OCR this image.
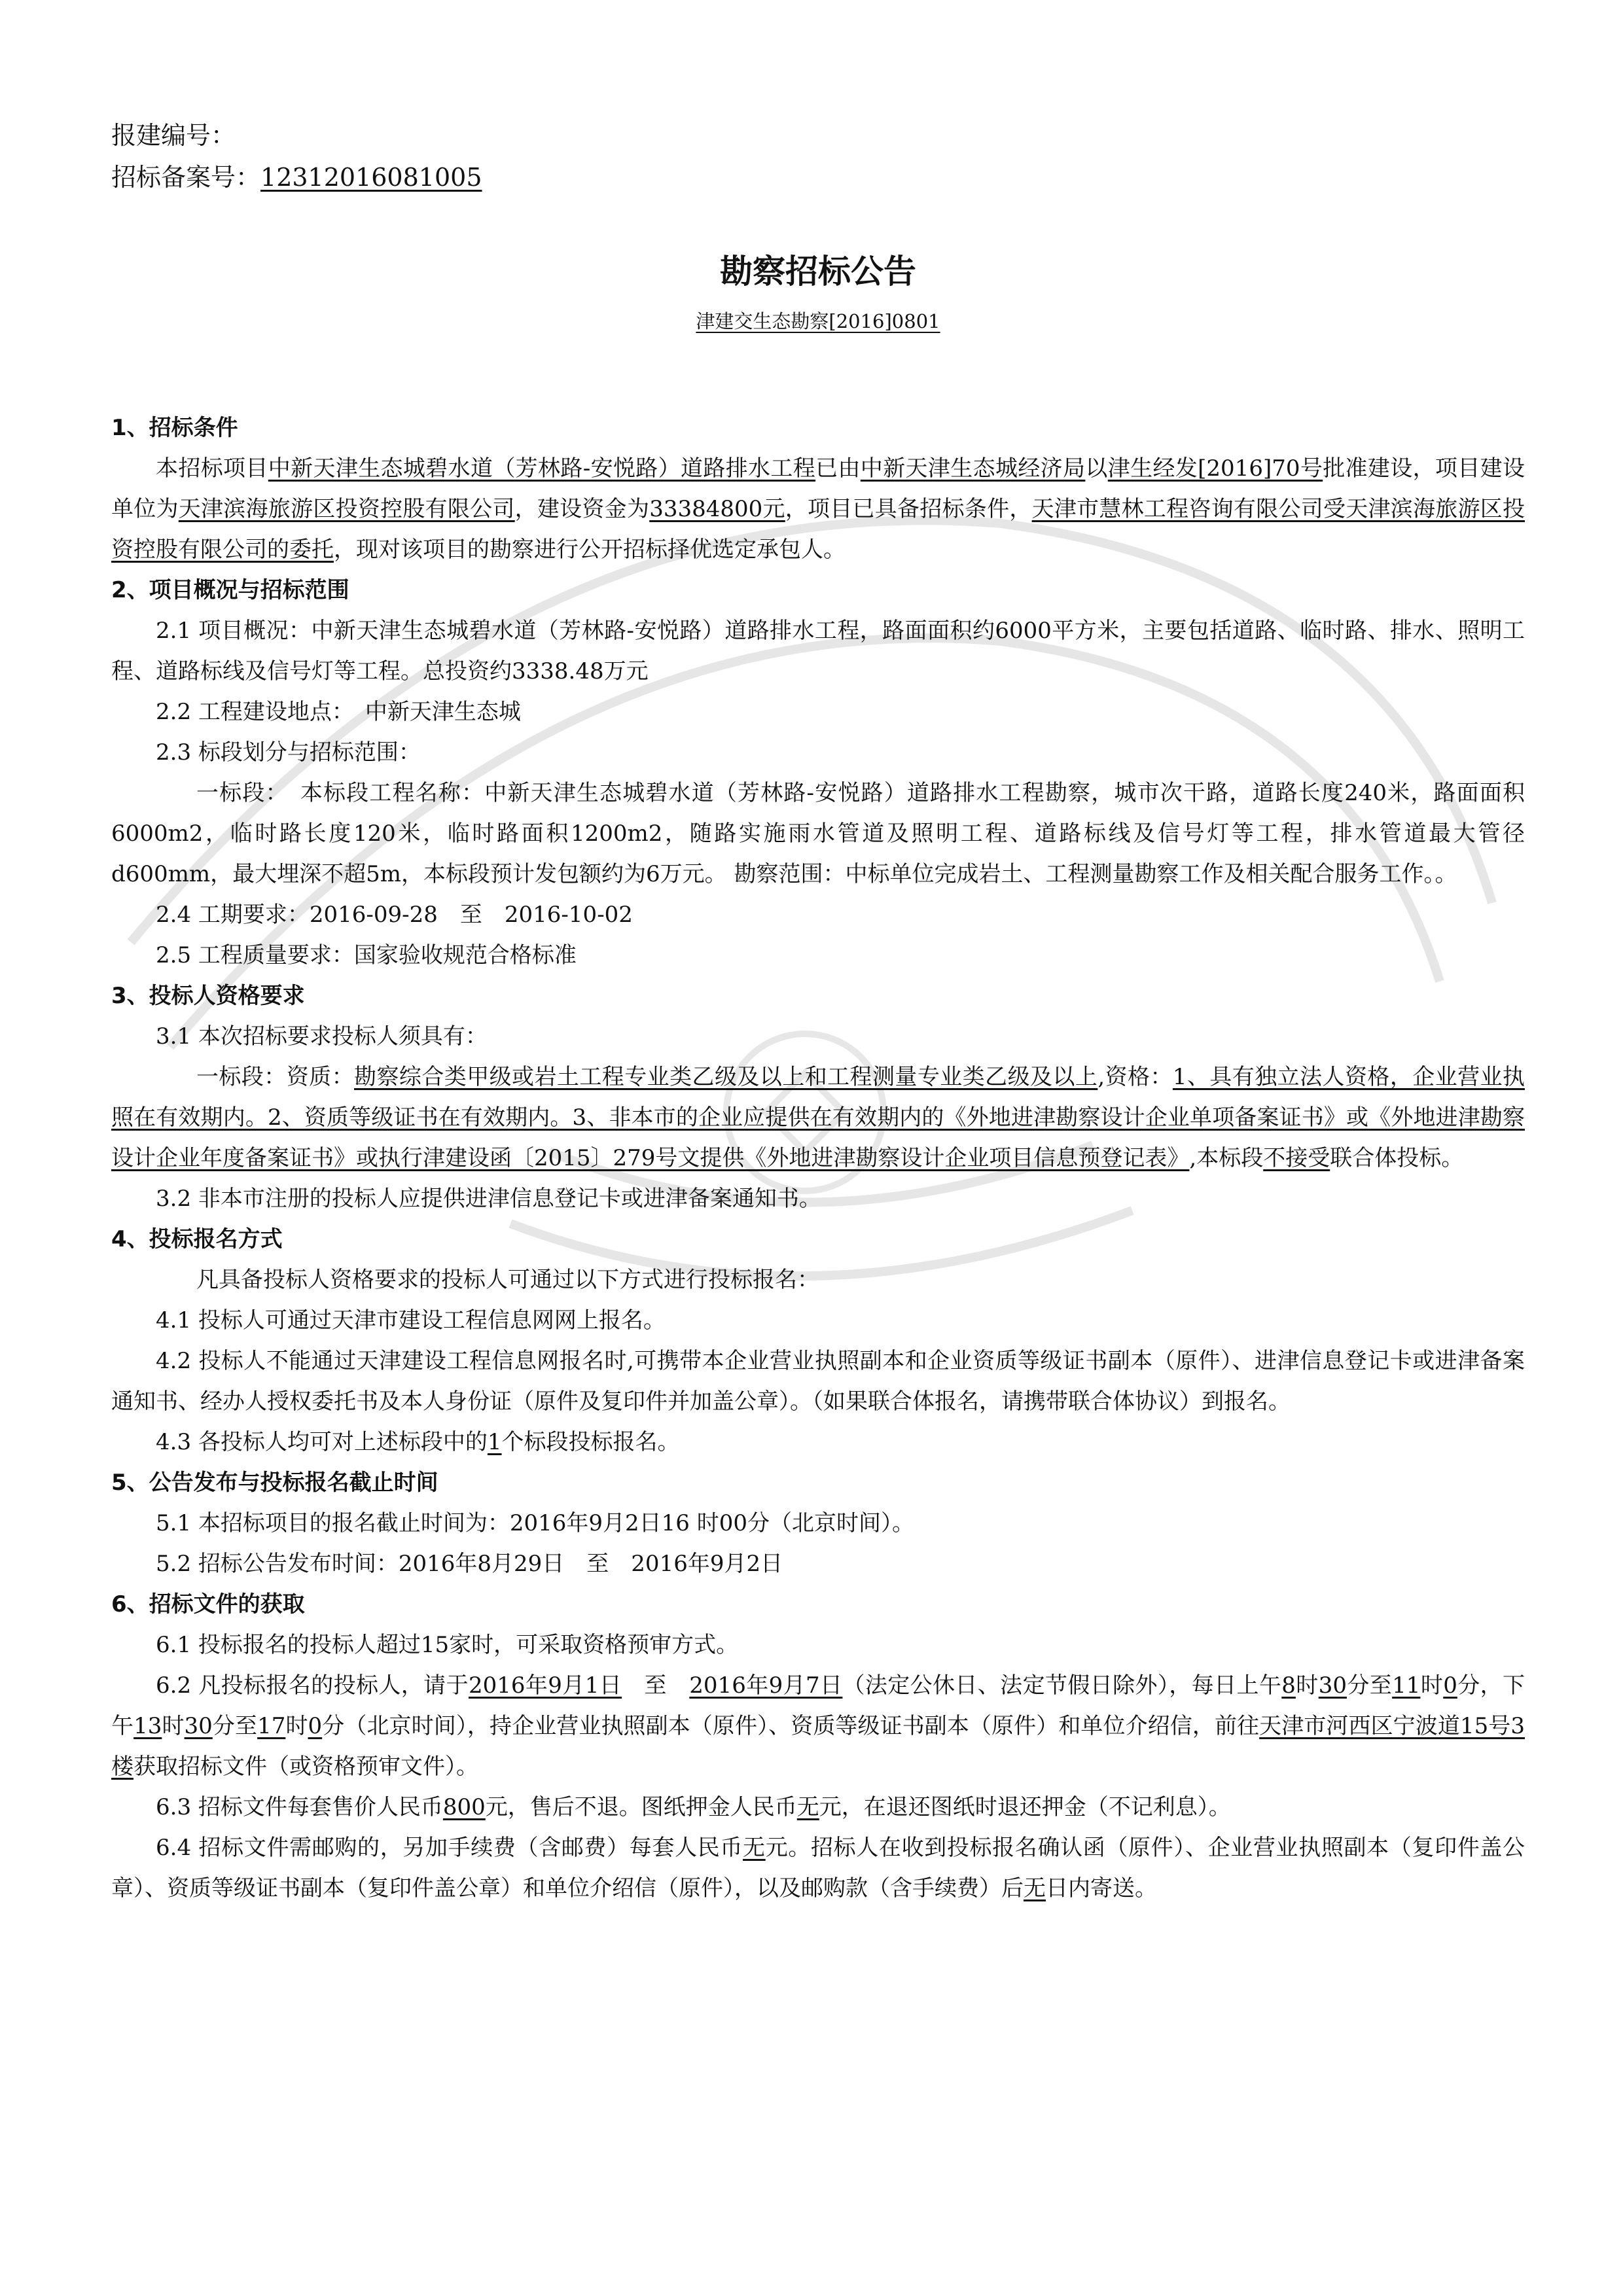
报建编号：

招标备案号：12312016081005

勘察招标公告

津建交生态勘察[2016]0801

1、招标条件

本招标项目中新天津生态城碧水道（芳林路-安悦路）道路排水工程已由中新天津生态城经济局以津生经发[2016]70号批准建设，项目建设单位为天津滨海旅游区投资控股有限公司，建设资金为33384800元，项目已具备招标条件，天津市慧林工程咨询有限公司受天津滨海旅游区投资控股有限公司的委托，现对该项目的勘察进行公开招标择优选定承包人。

2、项目概况与招标范围

2.1 项目概况：中新天津生态城碧水道（芳林路-安悦路）道路排水工程，路面面积约6000平方米，主要包括道路、临时路、排水、照明工程、道路标线及信号灯等工程。总投资约3338.48万元

2.2 工程建设地点：　中新天津生态城

2.3 标段划分与招标范围：

一标段：　本标段工程名称：中新天津生态城碧水道（芳林路-安悦路）道路排水工程勘察，城市次干路，道路长度240米，路面面积6000m2，临时路长度120米，临时路面积1200m2，随路实施雨水管道及照明工程、道路标线及信号灯等工程，排水管道最大管径d600mm，最大埋深不超5m，本标段预计发包额约为6万元。 勘察范围：中标单位完成岩土、工程测量勘察工作及相关配合服务工作。。

2.4 工期要求：2016-09-28　至　2016-10-02

2.5 工程质量要求：国家验收规范合格标准

3、投标人资格要求

3.1 本次招标要求投标人须具有：

一标段：资质：勘察综合类甲级或岩土工程专业类乙级及以上和工程测量专业类乙级及以上,资格：1、具有独立法人资格，企业营业执照在有效期内。2、资质等级证书在有效期内。3、非本市的企业应提供在有效期内的《外地进津勘察设计企业单项备案证书》或《外地进津勘察设计企业年度备案证书》或执行津建设函〔2015〕279号文提供《外地进津勘察设计企业项目信息预登记表》,本标段不接受联合体投标。

3.2 非本市注册的投标人应提供进津信息登记卡或进津备案通知书。

4、投标报名方式

凡具备投标人资格要求的投标人可通过以下方式进行投标报名：

4.1 投标人可通过天津市建设工程信息网网上报名。

4.2 投标人不能通过天津建设工程信息网报名时,可携带本企业营业执照副本和企业资质等级证书副本（原件）、进津信息登记卡或进津备案通知书、经办人授权委托书及本人身份证（原件及复印件并加盖公章）。（如果联合体报名，请携带联合体协议）到报名。

4.3 各投标人均可对上述标段中的1个标段投标报名。

5、公告发布与投标报名截止时间

5.1 本招标项目的报名截止时间为：2016年9月2日16 时00分（北京时间）。

5.2 招标公告发布时间：2016年8月29日　至　2016年9月2日

6、招标文件的获取

6.1 投标报名的投标人超过15家时，可采取资格预审方式。

6.2 凡投标报名的投标人，请于2016年9月1日　至　2016年9月7日（法定公休日、法定节假日除外），每日上午8时30分至11时0分，下午13时30分至17时0分（北京时间），持企业营业执照副本（原件）、资质等级证书副本（原件）和单位介绍信，前往天津市河西区宁波道15号3楼获取招标文件（或资格预审文件）。

6.3 招标文件每套售价人民币800元，售后不退。图纸押金人民币无元，在退还图纸时退还押金（不记利息）。

6.4 招标文件需邮购的，另加手续费（含邮费）每套人民币无元。招标人在收到投标报名确认函（原件）、企业营业执照副本（复印件盖公章）、资质等级证书副本（复印件盖公章）和单位介绍信（原件），以及邮购款（含手续费）后无日内寄送。
